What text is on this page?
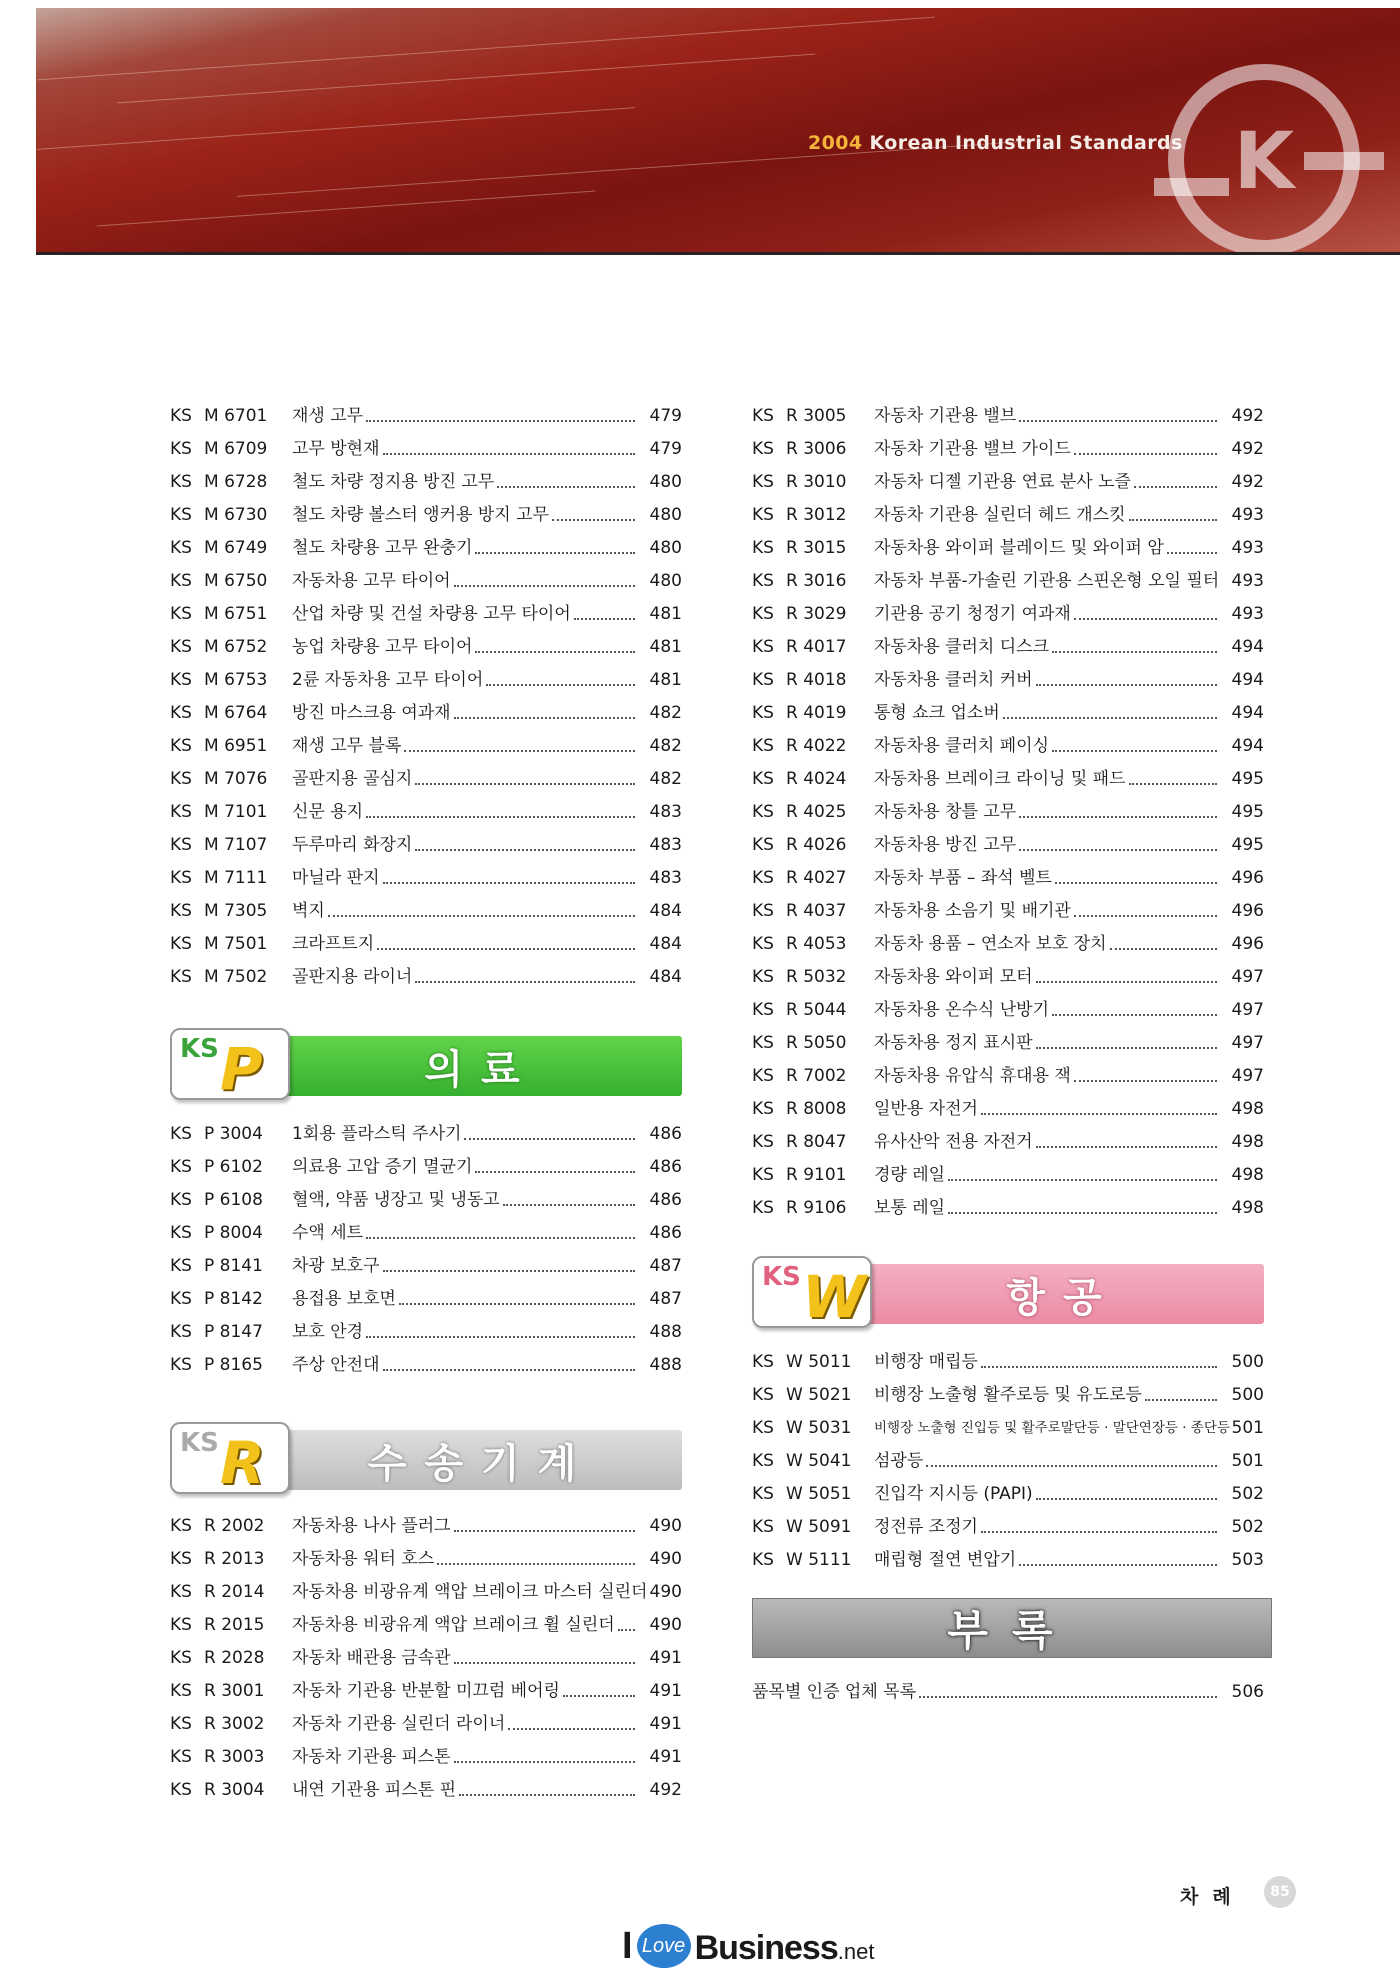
2004 Korean Industrial Standards K
KS M 6701 재생 고무	479
KS M 6709 고무 방현재	479
KS M 6728 철도 차량 정지용 방진 고무	480
KS M 6730 철도 차량 볼스터 앵커용 방지 고무	480
KS M 6749 철도 차량용 고무 완충기	480
KS M 6750 자동차용 고무 타이어	480
KS M 6751 산업 차량 및 건설 차량용 고무 타이어	481
KS M 6752 농업 차량용 고무 타이어	481
KS M 6753 2륜 자동차용 고무 타이어	481
KS M 6764 방진 마스크용 여과재	482
KS M 6951 재생 고무 블록	482
KS M 7076 골판지용 골심지	482
KS M 7101 신문 용지	483
KS M 7107 두루마리 화장지	483
KS M 7111 마닐라 판지	483
KS M 7305 벽지	484
KS M 7501 크라프트지	484
KS M 7502 골판지용 라이너	484
의료
KS P
KS P 3004 1회용 플라스틱 주사기	486
KS P 6102 의료용 고압 증기 멸균기	486
KS P 6108 혈액, 약품 냉장고 및 냉동고	486
KS P 8004 수액 세트	486
KS P 8141 차광 보호구	487
KS P 8142 용접용 보호면	487
KS P 8147 보호 안경	488
KS P 8165 주상 안전대	488
수송기계
KS R
KS R 2002 자동차용 나사 플러그	490
KS R 2013 자동차용 워터 호스	490
KS R 2014 자동차용 비광유계 액압 브레이크 마스터 실린더 490
KS R 2015 자동차용 비광유계 액압 브레이크 휠 실린더 490
KS R 2028 자동차 배관용 금속관	491
KS R 3001 자동차 기관용 반분할 미끄럼 베어링	491
KS R 3002 자동차 기관용 실린더 라이너	491
KS R 3003 자동차 기관용 피스톤	491
KS R 3004 내연 기관용 피스톤 핀	492
KS R 3005 자동차 기관용 밸브	492
KS R 3006 자동차 기관용 밸브 가이드	492
KS R 3010 자동차 디젤 기관용 연료 분사 노즐	492
KS R 3012 자동차 기관용 실린더 헤드 개스킷	493
KS R 3015 자동차용 와이퍼 블레이드 및 와이퍼 암	493
KS R 3016 자동차 부품-가솔린 기관용 스핀온형 오일 필터 493
KS R 3029 기관용 공기 청정기 여과재	493
KS R 4017 자동차용 클러치 디스크	494
KS R 4018 자동차용 클러치 커버	494
KS R 4019 통형 쇼크 업소버	494
KS R 4022 자동차용 클러치 페이싱	494
KS R 4024 자동차용 브레이크 라이닝 및 패드	495
KS R 4025 자동차용 창틀 고무	495
KS R 4026 자동차용 방진 고무	495
KS R 4027 자동차 부품 – 좌석 벨트	496
KS R 4037 자동차용 소음기 및 배기관	496
KS R 4053 자동차 용품 – 연소자 보호 장치	496
KS R 5032 자동차용 와이퍼 모터	497
KS R 5044 자동차용 온수식 난방기	497
KS R 5050 자동차용 정지 표시판	497
KS R 7002 자동차용 유압식 휴대용 잭	497
KS R 8008 일반용 자전거	498
KS R 8047 유사산악 전용 자전거	498
KS R 9101 경량 레일	498
KS R 9106 보통 레일	498
항공
KS W
KS W 5011 비행장 매립등	500
KS W 5021 비행장 노출형 활주로등 및 유도로등	500
KS W 5031 비행장 노출형 진입등 및 활주로말단등 · 말단연장등 · 종단등 501
KS W 5041 섬광등	501
KS W 5051 진입각 지시등 (PAPI)	502
KS W 5091 정전류 조정기	502
KS W 5111 매립형 절연 변압기	503
부록
품목별 인증 업체 목록	506
차례	85
I Love Business .net
